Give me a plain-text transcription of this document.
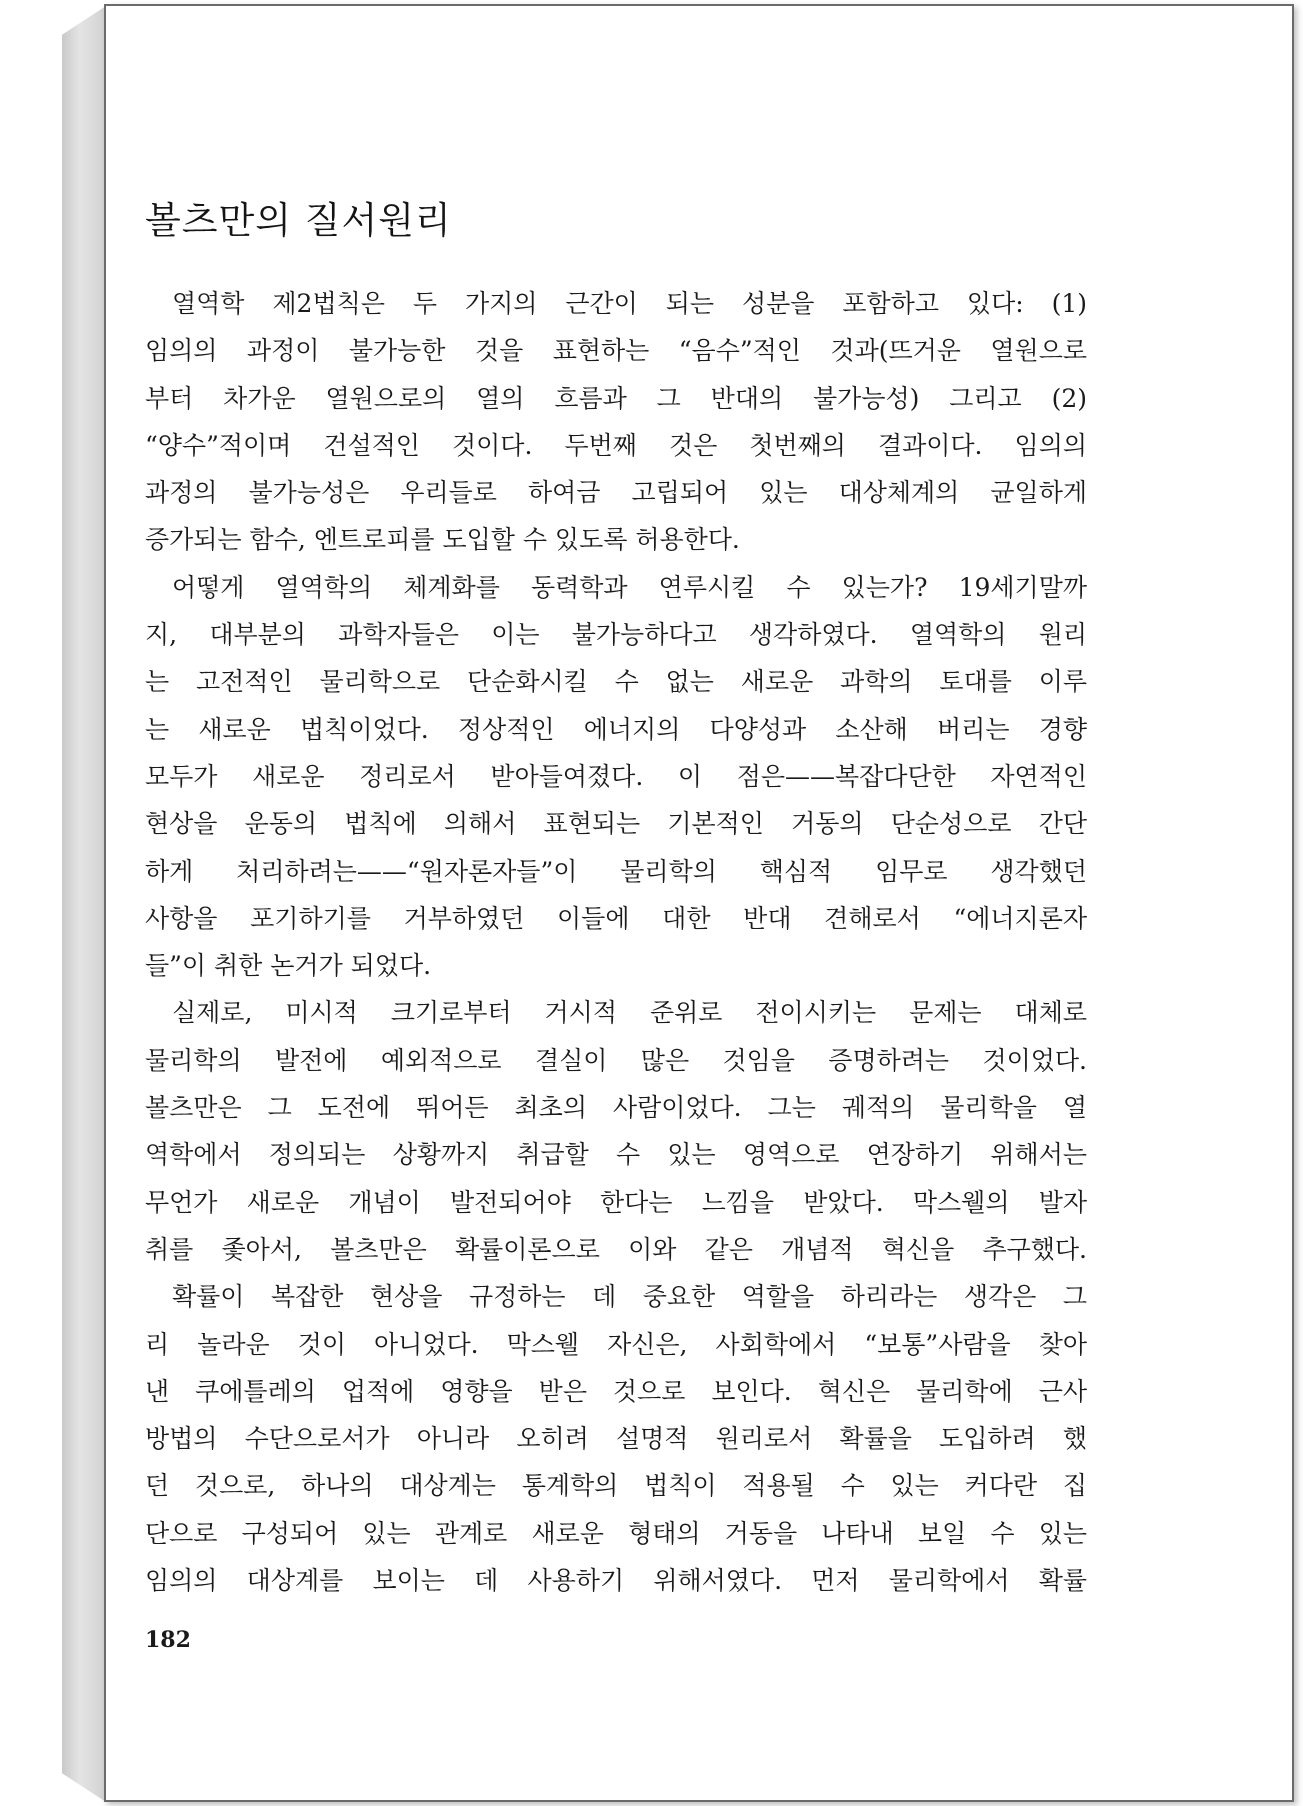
볼츠만의 질서원리
열역학 제2법칙은 두 가지의 근간이 되는 성분을 포함하고 있다: (1)
임의의 과정이 불가능한 것을 표현하는 “음수”적인 것과(뜨거운 열원으로
부터 차가운 열원으로의 열의 흐름과 그 반대의 불가능성) 그리고 (2)
“양수”적이며 건설적인 것이다. 두번째 것은 첫번째의 결과이다. 임의의
과정의 불가능성은 우리들로 하여금 고립되어 있는 대상체계의 균일하게
증가되는 함수, 엔트로피를 도입할 수 있도록 허용한다.
어떻게 열역학의 체계화를 동력학과 연루시킬 수 있는가? 19세기말까
지, 대부분의 과학자들은 이는 불가능하다고 생각하였다. 열역학의 원리
는 고전적인 물리학으로 단순화시킬 수 없는 새로운 과학의 토대를 이루
는 새로운 법칙이었다. 정상적인 에너지의 다양성과 소산해 버리는 경향
모두가 새로운 정리로서 받아들여졌다. 이 점은——복잡다단한 자연적인
현상을 운동의 법칙에 의해서 표현되는 기본적인 거동의 단순성으로 간단
하게 처리하려는——“원자론자들”이 물리학의 핵심적 임무로 생각했던
사항을 포기하기를 거부하였던 이들에 대한 반대 견해로서 “에너지론자
들”이 취한 논거가 되었다.
실제로, 미시적 크기로부터 거시적 준위로 전이시키는 문제는 대체로
물리학의 발전에 예외적으로 결실이 많은 것임을 증명하려는 것이었다.
볼츠만은 그 도전에 뛰어든 최초의 사람이었다. 그는 궤적의 물리학을 열
역학에서 정의되는 상황까지 취급할 수 있는 영역으로 연장하기 위해서는
무언가 새로운 개념이 발전되어야 한다는 느낌을 받았다. 막스웰의 발자
취를 좇아서, 볼츠만은 확률이론으로 이와 같은 개념적 혁신을 추구했다.
확률이 복잡한 현상을 규정하는 데 중요한 역할을 하리라는 생각은 그
리 놀라운 것이 아니었다. 막스웰 자신은, 사회학에서 “보통”사람을 찾아
낸 쿠에틀레의 업적에 영향을 받은 것으로 보인다. 혁신은 물리학에 근사
방법의 수단으로서가 아니라 오히려 설명적 원리로서 확률을 도입하려 했
던 것으로, 하나의 대상계는 통계학의 법칙이 적용될 수 있는 커다란 집
단으로 구성되어 있는 관계로 새로운 형태의 거동을 나타내 보일 수 있는
임의의 대상계를 보이는 데 사용하기 위해서였다. 먼저 물리학에서 확률
182
